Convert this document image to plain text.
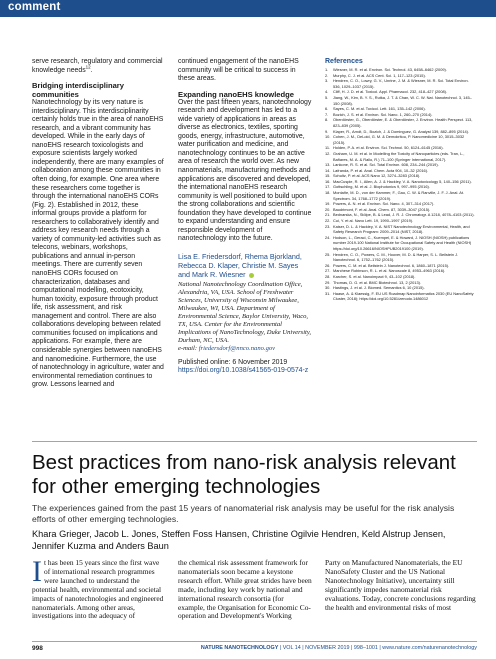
comment

serve research, regulatory and commercial knowledge needs$^{12}$.

Bridging interdisciplinary communities

Nanotechnology by its very nature is interdisciplinary. This interdisciplinarity certainly holds true in the area of nanoEHS research, and a vibrant community has developed. While in the early days of nanoEHS research toxicologists and exposure scientists largely worked independently, there are many examples of collaboration among these communities in often doing, for example. One area where these researchers come together is through the international nanoEHS CORs (Fig. 2). Established in 2012, these informal groups provide a platform for researchers to collaboratively identify and address key research needs through a variety of community-led activities such as telecons, webinars, workshops, publications and annual in-person meetings. There are currently seven nanoEHS CORs focused on characterization, databases and computational modelling, ecotoxicity, human toxicity, exposure through product life, risk assessment, and risk management and control. There are also collaborations developing between related communities focused on implications and applications. For example, there are considerable synergies between nanoEHS and nanomedicine. Furthermore, the use of nanotechnology in agriculture, water and environmental remediation continues to grow. Lessons learned and

continued engagement of the nanoEHS community will be critical to success in these areas.

Expanding nanoEHS knowledge

Over the past fifteen years, nanotechnology research and development has led to a wide variety of applications in areas as diverse as electronics, textiles, sporting goods, energy, infrastructure, automotive, water purification and medicine, and nanotechnology continues to be an active area of research the world over. As new nanomaterials, manufacturing methods and applications are discovered and developed, the international nanoEHS research community is well positioned to build upon the strong collaborations and scientific foundation they have developed to continue to expand understanding and ensure responsible development of nanotechnology into the future.

Lisa E. Friedersdorf, Rhema Bjorkland, Rebecca D. Klaper, Christie M. Sayes and Mark R. Wiesner
National Nanotechnology Coordination Office, Alexandria, VA, USA. School of Freshwater Sciences, University of Wisconsin Milwaukee, Milwaukee, WI, USA. Department of Environmental Science, Baylor University, Waco, TX, USA. Center for the Environmental Implications of NanoTechnology, Duke University, Durham, NC, USA.
e-mail: friedersdorf@nnco.nano.gov
Published online: 6 November 2019
https://doi.org/10.1038/s41565-019-0574-z
References
1.	Wiesner, M. R. et al. Environ. Sci. Technol. 43, 6458–6462 (2009).
2.	Murphy, C. J. et al. ACS Cent. Sci. 1, 117–123 (2015).
3.	Hendren, C. O., Lowry, G. V., Unrine, J. M. & Wiesner, M. R. Sci. Total Environ. 536, 1029–1037 (2015).
4.	Cliff, H. J. D. et al. Toxicol. Appl. Pharmacol. 232, 418–427 (2008).
5.	Jiang, W., Kim, B. Y. S., Rutka, J. T. & Chan, W. C. W. Nat. Nanotechnol. 3, 145–150 (2008).
6.	Sayes, C. M. et al. Toxicol. Lett. 161, 135–142 (2006).
7.	Bozich, J. S. et al. Environ. Sci. Nano. 1, 260–270 (2014).
8.	Oberdörster, G., Oberdörster, E. & Oberdörster, J. Environ. Health Perspect. 113, 823–839 (2005).
9.	Klaper, R., Arndt, D., Bozich, J. & Dominguez, G. Analyst 139, 882–895 (2014).
10. Cohen, J. M., DeLoid, G. M. & Demokritou, P. Nanomedicine 10, 3015–3032 (2015).
11. Holden, P. A. et al. Environ. Sci. Technol. 50, 6124–6145 (2016).
12. Graham, U. M. et al. in Modelling the Toxicity of Nanoparticles (eds. Tran, L., Bañares, M. A. & Rallo, R.) 71–100 (Springer International, 2017).
13. Lankone, R. S. et al. Sci. Total Environ. 608, 234–244 (2019).
14. Lafranda, P. et al. Anal. Chem. Acta 904, 10–32 (2016).
15. Schultz, P. et al. ACS Nano 12, 3274–3283 (2018).
16. MacCuspie, R. I., Allen, A. J. & Hackley, V. A. Nanotoxicology 5, 140–156 (2011).
17. Gottschling, M. et al. J. Biophotonics 9, 997–995 (2016).
18. Montañe, M. D., von der Kammer, F., Gao, C. W. & Ranville, J. F. J. Anal. At. Spectrom. 34, 1768–1772 (2019).
19. Powers, A. N. et al. Environ. Sci. Nano. 4, 307–314 (2017).
20. Baudrimont, F. et al. Anal. Chem. 87, 3039–3047 (2015).
21. Bednarska, N., Stölpe, B. & Lead, J. R. J. Chromatogr. A 1218, 4078–4103 (2011).
22. Cui, Y. et al. Nano Lett. 19, 1990–1997 (2019).
23. Kaiser, D. L. & Hackley, V. A. NIST Nanotechnology Environmental, Health, and Safety Research Program: 2009–2014 (NIST, 2018).
24. Hodson, L., Geraci, C., Kuempel, E. & Howard, J. NIOSH (NIOSH) publications number 2019-100 National Institute for Occupational Safety and Health (NIOSH) https://doi.org/10.26616/NIOSHPUB2019100 (2019).
25. Hendren, C. O., Powers, C. M., Hoover, M. D. & Harper, S. L. Beilstein J. Nanotechnol. 6, 1752–1762 (2015).
26. Powers, C. M. et al. Beilstein J. Nanotechnol. 6, 1860–1871 (2015).
27. Marchese Robinson, R. L. et al. Nanoscale 8, 4953–4963 (2016).
28. Karcher, S. et al. Nanoimpact 9, 43–102 (2018).
29. Thomas, D. G. et al. BMC Biotechnol. 13, 2 (2013).
30. Hastings, J. et al. J. Biomed. Semantics 6, 10 (2015).
31. Haase, A. & Klaessig, F. EU US Roadmap Nanoinformatics 2030 (EU NanoSafety Cluster, 2018); https://doi.org/10.5281/zenodo.1486012
Best practices from nano-risk analysis relevant for other emerging technologies
The experiences gained from the past 15 years of nanomaterial risk analysis may be useful for the risk analysis efforts of other emerging technologies.
Khara Grieger, Jacob L. Jones, Steffen Foss Hansen, Christine Ogilvie Hendren, Keld Alstrup Jensen, Jennifer Kuzma and Anders Baun

It has been 15 years since the first wave of international research programmes were launched to understand the potential health, environmental and societal impacts of nanotechnologies and engineered nanomaterials. Among other areas, investigations into the adequacy of

the chemical risk assessment framework for nanomaterials soon became a keystone research effort. While great strides have been made, including key work by national and international research consortia (for example, the Organisation for Economic Co-operation and Development's Working

Party on Manufactured Nanomaterials, the EU NanoSafety Cluster and the US National Nanotechnology Initiative), uncertainty still significantly impedes nanomaterial risk evaluations. Today, concrete conclusions regarding the health and environmental risks of most

998	NATURE NANOTECHNOLOGY | VOL 14 | NOVEMBER 2019 | 998–1001 | www.nature.com/naturenanotechnology
